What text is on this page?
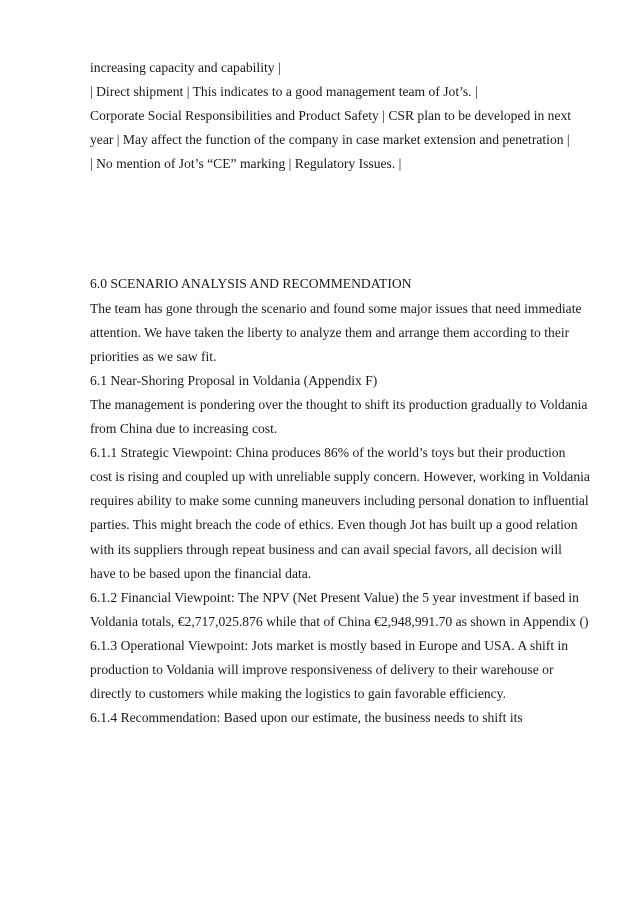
increasing capacity and capability |

| Direct shipment | This indicates to a good management team of Jot’s. |

Corporate Social Responsibilities and Product Safety | CSR plan to be developed in next year | May affect the function of the company in case market extension and penetration |

| No mention of Jot’s “CE” marking | Regulatory Issues. |

6.0 SCENARIO ANALYSIS AND RECOMMENDATION

The team has gone through the scenario and found some major issues that need immediate attention. We have taken the liberty to analyze them and arrange them according to their priorities as we saw fit.

6.1 Near-Shoring Proposal in Voldania (Appendix F)

The management is pondering over the thought to shift its production gradually to Voldania from China due to increasing cost.

6.1.1 Strategic Viewpoint: China produces 86% of the world’s toys but their production cost is rising and coupled up with unreliable supply concern. However, working in Voldania requires ability to make some cunning maneuvers including personal donation to influential parties. This might breach the code of ethics. Even though Jot has built up a good relation with its suppliers through repeat business and can avail special favors, all decision will have to be based upon the financial data.

6.1.2 Financial Viewpoint: The NPV (Net Present Value) the 5 year investment if based in Voldania totals, €2,717,025.876 while that of China €2,948,991.70 as shown in Appendix ()

6.1.3 Operational Viewpoint: Jots market is mostly based in Europe and USA. A shift in production to Voldania will improve responsiveness of delivery to their warehouse or directly to customers while making the logistics to gain favorable efficiency.

6.1.4 Recommendation: Based upon our estimate, the business needs to shift its
